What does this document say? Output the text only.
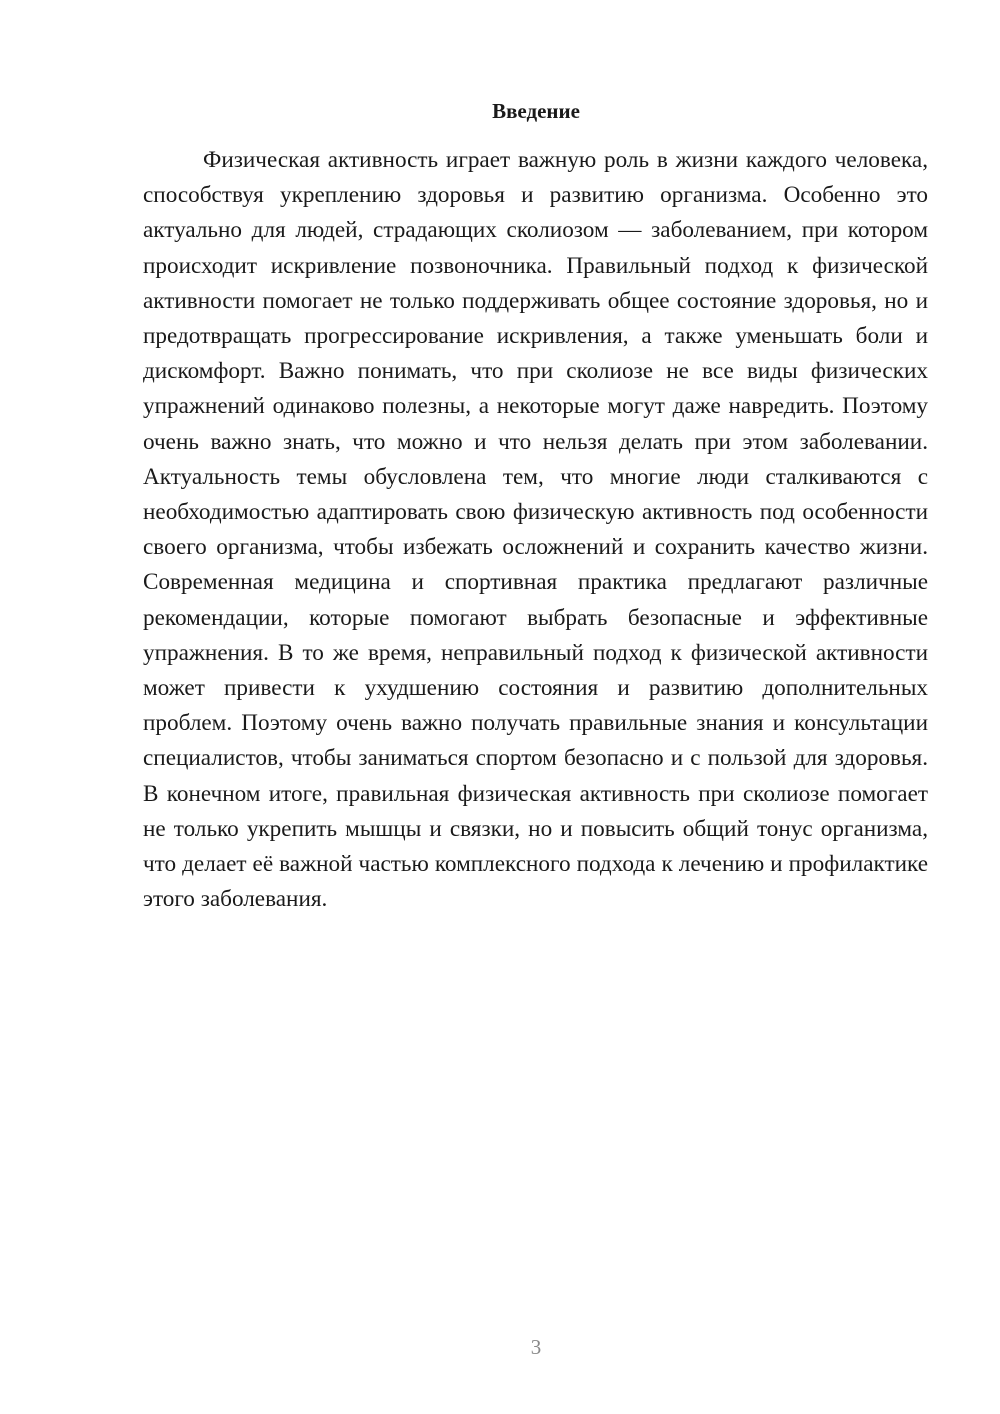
Введение

Физическая активность играет важную роль в жизни каждого человека, способствуя укреплению здоровья и развитию организма. Особенно это актуально для людей, страдающих сколиозом — заболеванием, при котором происходит искривление позвоночника. Правильный подход к физической активности помогает не только поддерживать общее состояние здоровья, но и предотвращать прогрессирование искривления, а также уменьшать боли и дискомфорт. Важно понимать, что при сколиозе не все виды физических упражнений одинаково полезны, а некоторые могут даже навредить. Поэтому очень важно знать, что можно и что нельзя делать при этом заболевании. Актуальность темы обусловлена тем, что многие люди сталкиваются с необходимостью адаптировать свою физическую активность под особенности своего организма, чтобы избежать осложнений и сохранить качество жизни. Современная медицина и спортивная практика предлагают различные рекомендации, которые помогают выбрать безопасные и эффективные упражнения. В то же время, неправильный подход к физической активности может привести к ухудшению состояния и развитию дополнительных проблем. Поэтому очень важно получать правильные знания и консультации специалистов, чтобы заниматься спортом безопасно и с пользой для здоровья. В конечном итоге, правильная физическая активность при сколиозе помогает не только укрепить мышцы и связки, но и повысить общий тонус организма, что делает её важной частью комплексного подхода к лечению и профилактике этого заболевания.

3
